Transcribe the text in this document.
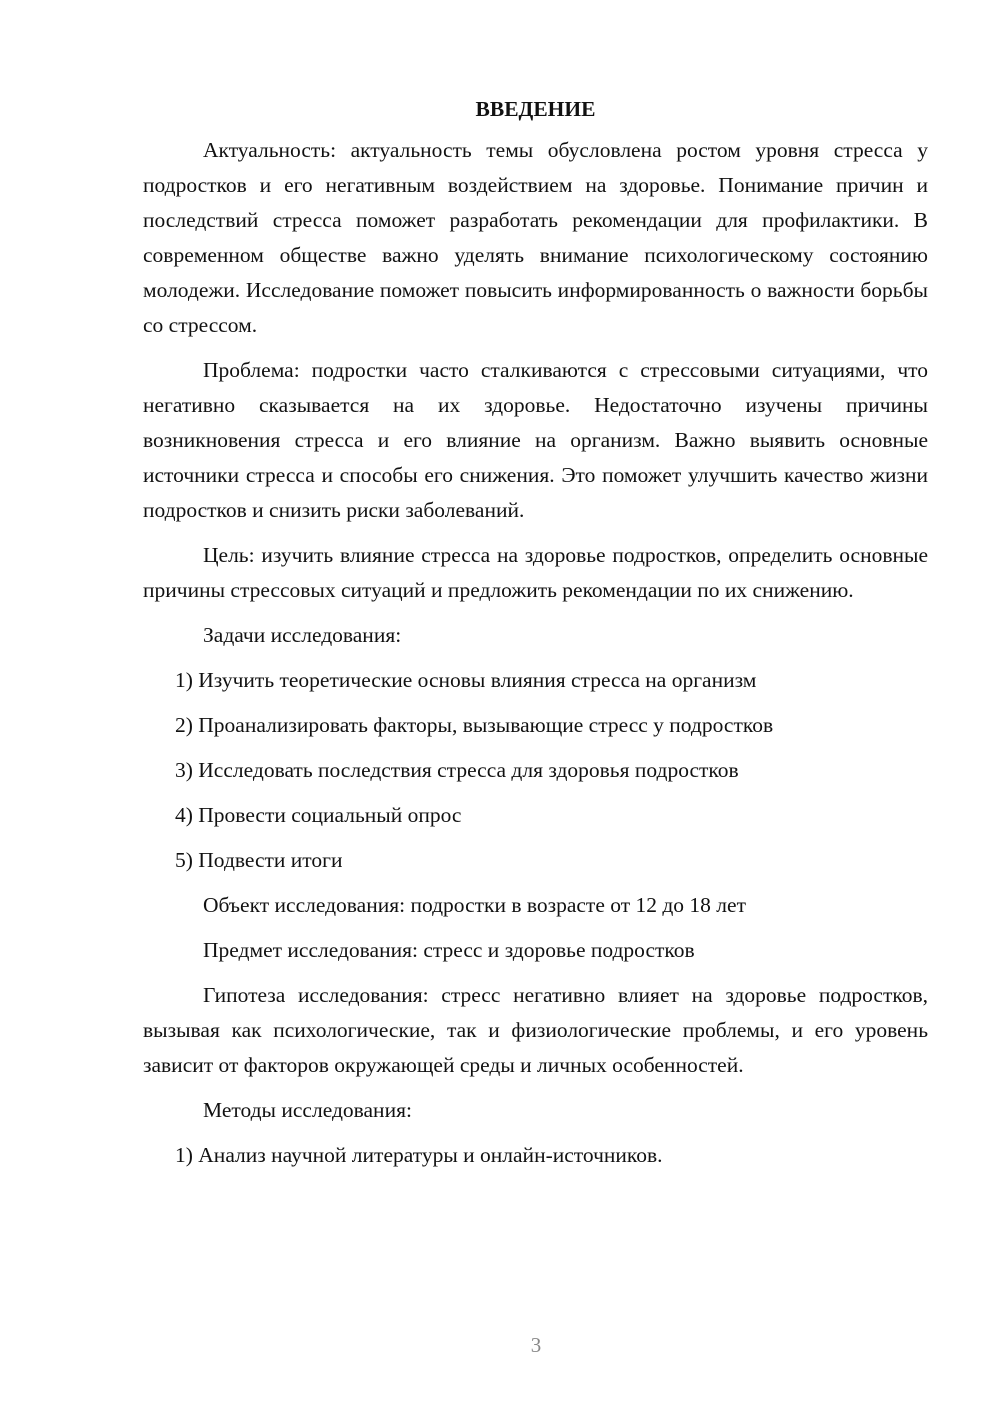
ВВЕДЕНИЕ

Актуальность: актуальность темы обусловлена ростом уровня стресса у подростков и его негативным воздействием на здоровье. Понимание причин и последствий стресса поможет разработать рекомендации для профилактики. В современном обществе важно уделять внимание психологическому состоянию молодежи. Исследование поможет повысить информированность о важности борьбы со стрессом.

Проблема: подростки часто сталкиваются с стрессовыми ситуациями, что негативно сказывается на их здоровье. Недостаточно изучены причины возникновения стресса и его влияние на организм. Важно выявить основные источники стресса и способы его снижения. Это поможет улучшить качество жизни подростков и снизить риски заболеваний.

Цель: изучить влияние стресса на здоровье подростков, определить основные причины стрессовых ситуаций и предложить рекомендации по их снижению.

Задачи исследования:
1) Изучить теоретические основы влияния стресса на организм
2) Проанализировать факторы, вызывающие стресс у подростков
3) Исследовать последствия стресса для здоровья подростков
4) Провести социальный опрос
5) Подвести итоги
Объект исследования: подростки в возрасте от 12 до 18 лет
Предмет исследования: стресс и здоровье подростков

Гипотеза исследования: стресс негативно влияет на здоровье подростков, вызывая как психологические, так и физиологические проблемы, и его уровень зависит от факторов окружающей среды и личных особенностей.

Методы исследования:
1) Анализ научной литературы и онлайн-источников.
3
